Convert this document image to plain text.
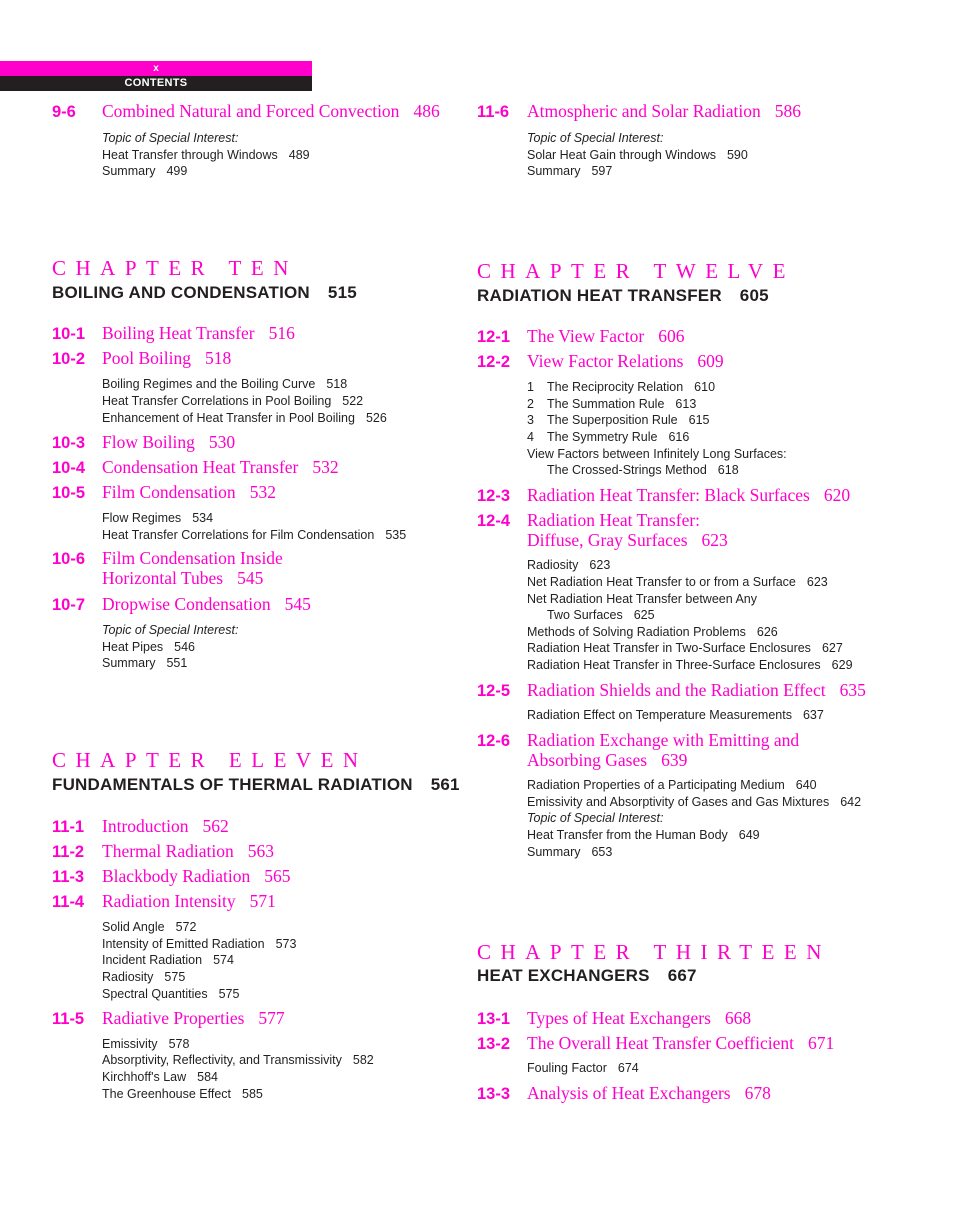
x
CONTENTS
9-6 Combined Natural and Forced Convection 486
Topic of Special Interest:
Heat Transfer through Windows 489
Summary 499
CHAPTER TEN
BOILING AND CONDENSATION 515
10-1 Boiling Heat Transfer 516
10-2 Pool Boiling 518
Boiling Regimes and the Boiling Curve 518
Heat Transfer Correlations in Pool Boiling 522
Enhancement of Heat Transfer in Pool Boiling 526
10-3 Flow Boiling 530
10-4 Condensation Heat Transfer 532
10-5 Film Condensation 532
Flow Regimes 534
Heat Transfer Correlations for Film Condensation 535
10-6 Film Condensation Inside
Horizontal Tubes 545
10-7 Dropwise Condensation 545
Topic of Special Interest:
Heat Pipes 546
Summary 551
CHAPTER ELEVEN
FUNDAMENTALS OF THERMAL RADIATION 561
11-1 Introduction 562
11-2 Thermal Radiation 563
11-3 Blackbody Radiation 565
11-4 Radiation Intensity 571
Solid Angle 572
Intensity of Emitted Radiation 573
Incident Radiation 574
Radiosity 575
Spectral Quantities 575
11-5 Radiative Properties 577
Emissivity 578
Absorptivity, Reflectivity, and Transmissivity 582
Kirchhoff's Law 584
The Greenhouse Effect 585
11-6 Atmospheric and Solar Radiation 586
Topic of Special Interest:
Solar Heat Gain through Windows 590
Summary 597
CHAPTER TWELVE
RADIATION HEAT TRANSFER 605
12-1 The View Factor 606
12-2 View Factor Relations 609
1 The Reciprocity Relation 610
2 The Summation Rule 613
3 The Superposition Rule 615
4 The Symmetry Rule 616
View Factors between Infinitely Long Surfaces:
The Crossed-Strings Method 618
12-3 Radiation Heat Transfer: Black Surfaces 620
12-4 Radiation Heat Transfer:
Diffuse, Gray Surfaces 623
Radiosity 623
Net Radiation Heat Transfer to or from a Surface 623
Net Radiation Heat Transfer between Any
Two Surfaces 625
Methods of Solving Radiation Problems 626
Radiation Heat Transfer in Two-Surface Enclosures 627
Radiation Heat Transfer in Three-Surface Enclosures 629
12-5 Radiation Shields and the Radiation Effect 635
Radiation Effect on Temperature Measurements 637
12-6 Radiation Exchange with Emitting and
Absorbing Gases 639
Radiation Properties of a Participating Medium 640
Emissivity and Absorptivity of Gases and Gas Mixtures 642
Topic of Special Interest:
Heat Transfer from the Human Body 649
Summary 653
CHAPTER THIRTEEN
HEAT EXCHANGERS 667
13-1 Types of Heat Exchangers 668
13-2 The Overall Heat Transfer Coefficient 671
Fouling Factor 674
13-3 Analysis of Heat Exchangers 678
